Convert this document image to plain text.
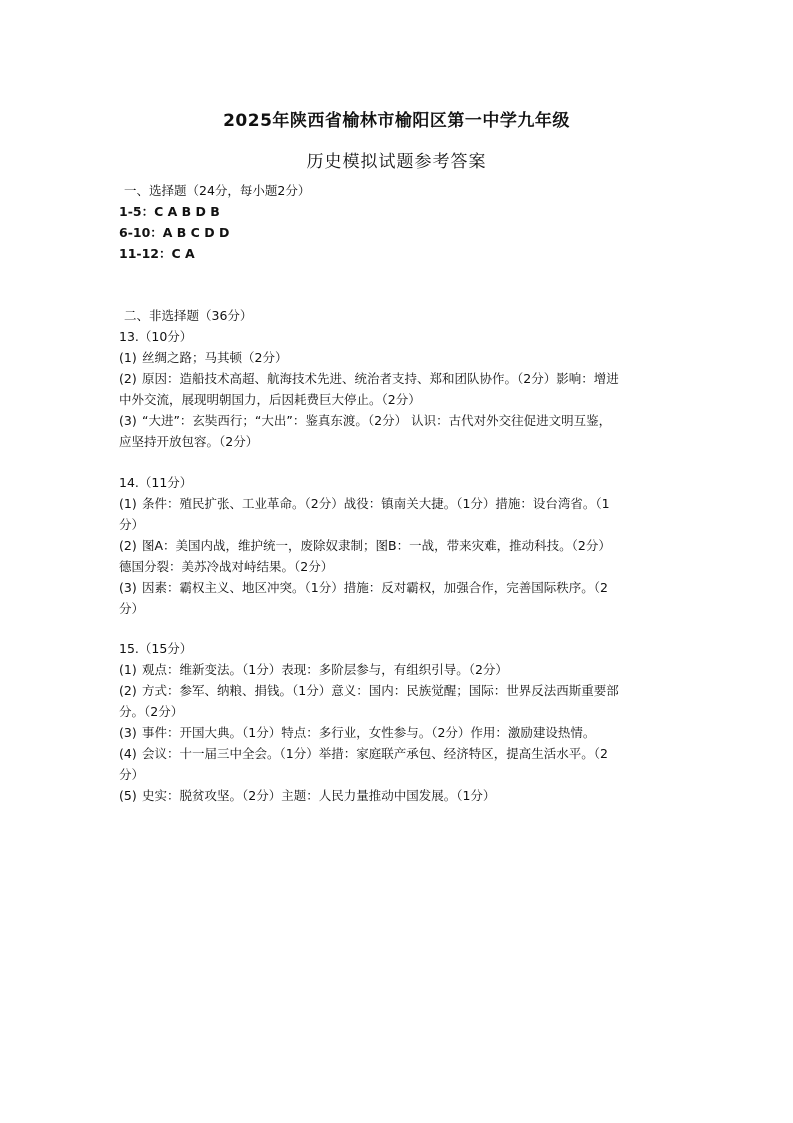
2025年陕西省榆林市榆阳区第一中学九年级
历史模拟试题参考答案
一、选择题（24分，每小题2分）
1-5：C A B D B
6-10：A B C D D
11-12：C A
二、非选择题（36分）
13.（10分）
(1) 丝绸之路；马其顿（2分）
(2) 原因：造船技术高超、航海技术先进、统治者支持、郑和团队协作。（2分）影响：增进
中外交流，展现明朝国力，后因耗费巨大停止。（2分）
(3) “大进”：玄奘西行；“大出”：鉴真东渡。（2分） 认识：古代对外交往促进文明互鉴，
应坚持开放包容。（2分）
14.（11分）
(1) 条件：殖民扩张、工业革命。（2分）战役：镇南关大捷。（1分）措施：设台湾省。（1
分）
(2) 图A：美国内战，维护统一，废除奴隶制；图B：一战，带来灾难，推动科技。（2分）
德国分裂：美苏冷战对峙结果。（2分）
(3) 因素：霸权主义、地区冲突。（1分）措施：反对霸权，加强合作，完善国际秩序。（2
分）
15.（15分）
(1) 观点：维新变法。（1分）表现：多阶层参与，有组织引导。（2分）
(2) 方式：参军、纳粮、捐钱。（1分）意义：国内：民族觉醒；国际：世界反法西斯重要部
分。（2分）
(3) 事件：开国大典。（1分）特点：多行业，女性参与。（2分）作用：激励建设热情。
(4) 会议：十一届三中全会。（1分）举措：家庭联产承包、经济特区，提高生活水平。（2
分）
(5) 史实：脱贫攻坚。（2分）主题：人民力量推动中国发展。（1分）
